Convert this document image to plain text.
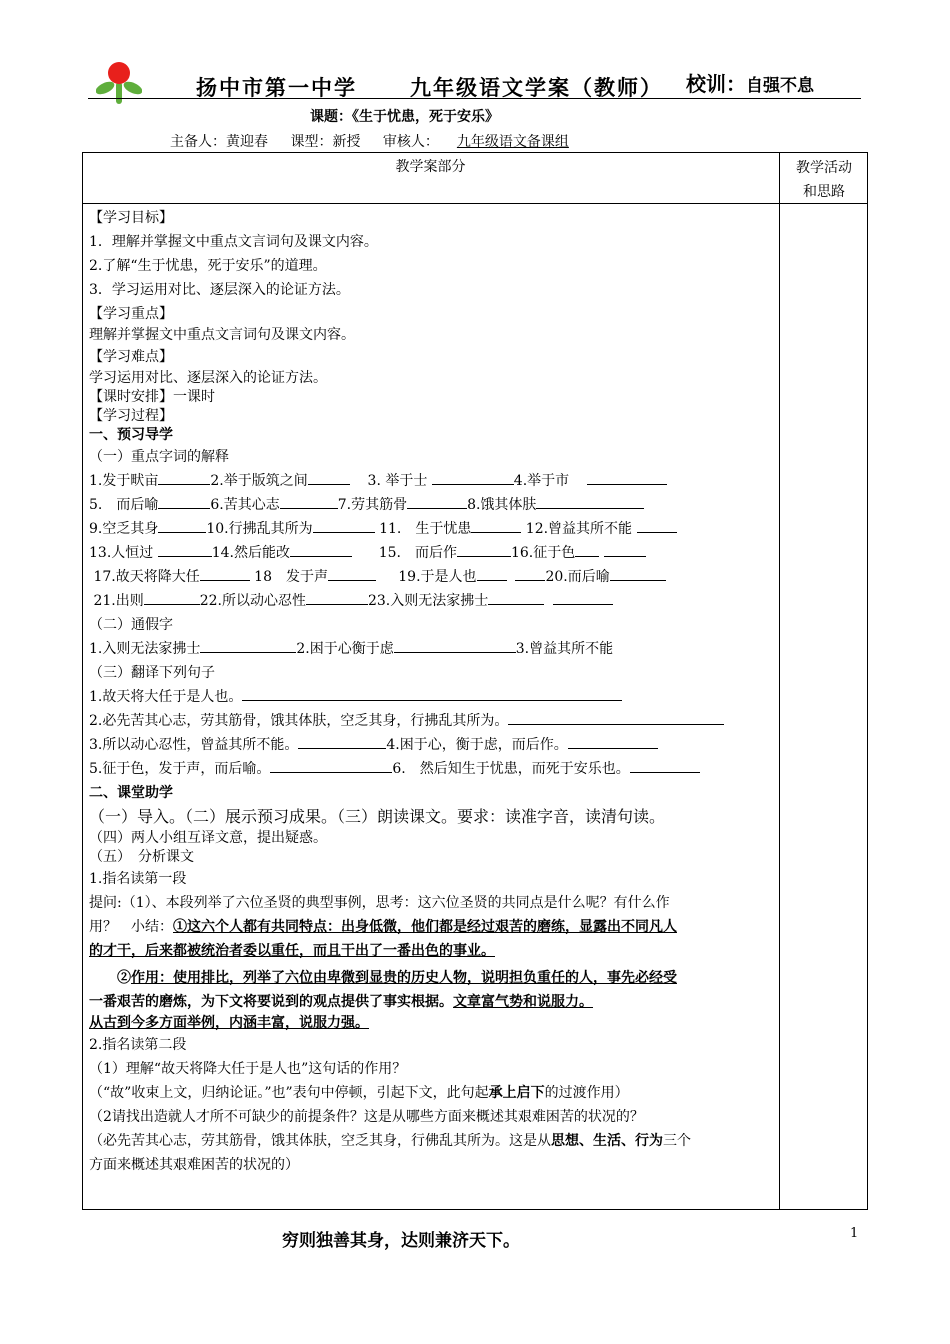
扬中市第一中学	九年级语文学案（教师） 校训：自强不息
课题：《生于忧患，死于安乐》
主备人：黄迎春 课型：新授 审核人： 九年级语文备课组
教学案部分	教学活动
和思路
【学习目标】
1．理解并掌握文中重点文言词句及课文内容。
2.了解“生于忧患，死于安乐”的道理。
3．学习运用对比、逐层深入的论证方法。
【学习重点】
理解并掌握文中重点文言词句及课文内容。
【学习难点】
学习运用对比、逐层深入的论证方法。
【课时安排】一课时
【学习过程】
一、预习导学
（一）重点字词的解释
1.发于畎亩	2.举于版筑之间	3. 举于士	4.举于市
5.　而后喻	6.苦其心志	7.劳其筋骨	8.饿其体肤
9.空乏其身	10.行拂乱其所为	11.　生于忧患	12.曾益其所不能
13.人恒过	14.然后能改	15.　而后作	16.征于色
17.故天将降大任	18　发于声	19.于是人也	20.而后喻
21.出则	22.所以动心忍性	23.入则无法家拂士
（二）通假字
1.入则无法家拂士	2.困于心衡于虑	3.曾益其所不能
（三）翻译下列句子
1.故天将大任于是人也。
2.必先苦其心志，劳其筋骨，饿其体肤，空乏其身，行拂乱其所为。
3.所以动心忍性，曾益其所不能。	4.困于心，衡于虑，而后作。
5.征于色，发于声，而后喻。	6.　然后知生于忧患，而死于安乐也。
二、课堂助学
（一）导入。（二）展示预习成果。（三）朗读课文。要求：读准字音，读清句读。
（四）两人小组互译文意，提出疑惑。
（五）　分析课文
1.指名读第一段
提问:（1）、本段列举了六位圣贤的典型事例，思考：这六位圣贤的共同点是什么呢？有什么作
用？　小结：①这六个人都有共同特点：出身低微，他们都是经过艰苦的磨练，显露出不同凡人
的才干，后来都被统治者委以重任，而且干出了一番出色的事业。
　　②作用：使用排比，列举了六位由卑微到显贵的历史人物，说明担负重任的人，事先必经受
一番艰苦的磨炼，为下文将要说到的观点提供了事实根据。文章富气势和说服力。
从古到今多方面举例，内涵丰富，说服力强。
2.指名读第二段
（1）理解“故天将降大任于是人也”这句话的作用？
（“故”收束上文，归纳论证。”也”表句中停顿，引起下文，此句起承上启下的过渡作用）
（2请找出造就人才所不可缺少的前提条件？这是从哪些方面来概述其艰难困苦的状况的？
（必先苦其心志，劳其筋骨，饿其体肤，空乏其身，行佛乱其所为。这是从思想、生活、行为三个
方面来概述其艰难困苦的状况的）
穷则独善其身，达则兼济天下。	1
